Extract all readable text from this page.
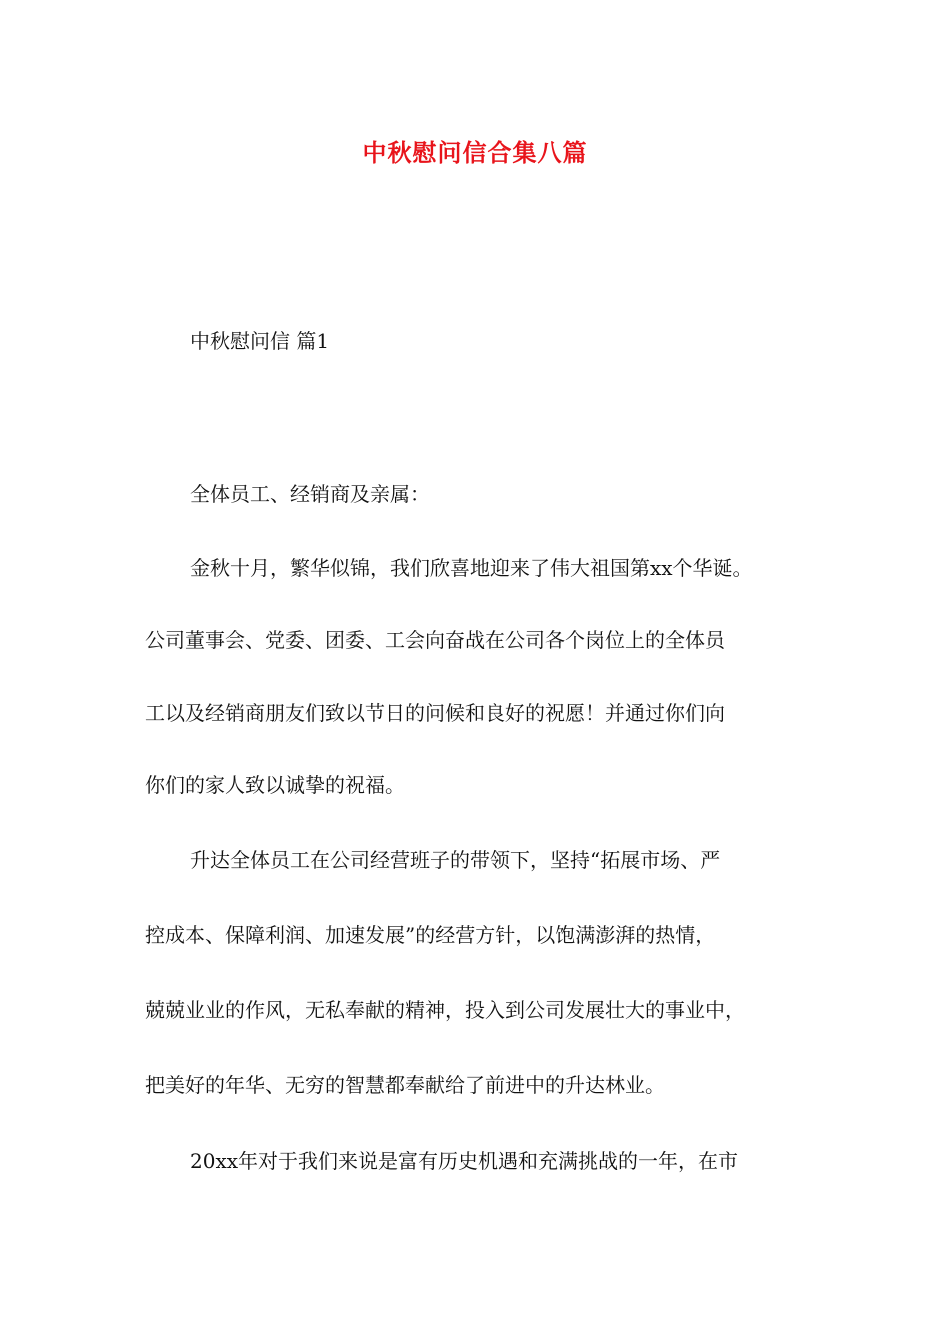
中秋慰问信合集八篇

中秋慰问信 篇1

全体员工、经销商及亲属：

金秋十月，繁华似锦，我们欣喜地迎来了伟大祖国第xx个华诞。

公司董事会、党委、团委、工会向奋战在公司各个岗位上的全体员

工以及经销商朋友们致以节日的问候和良好的祝愿！并通过你们向

你们的家人致以诚挚的祝福。

升达全体员工在公司经营班子的带领下，坚持“拓展市场、严

控成本、保障利润、加速发展”的经营方针，以饱满澎湃的热情，

兢兢业业的作风，无私奉献的精神，投入到公司发展壮大的事业中，

把美好的年华、无穷的智慧都奉献给了前进中的升达林业。

20xx年对于我们来说是富有历史机遇和充满挑战的一年，在市
